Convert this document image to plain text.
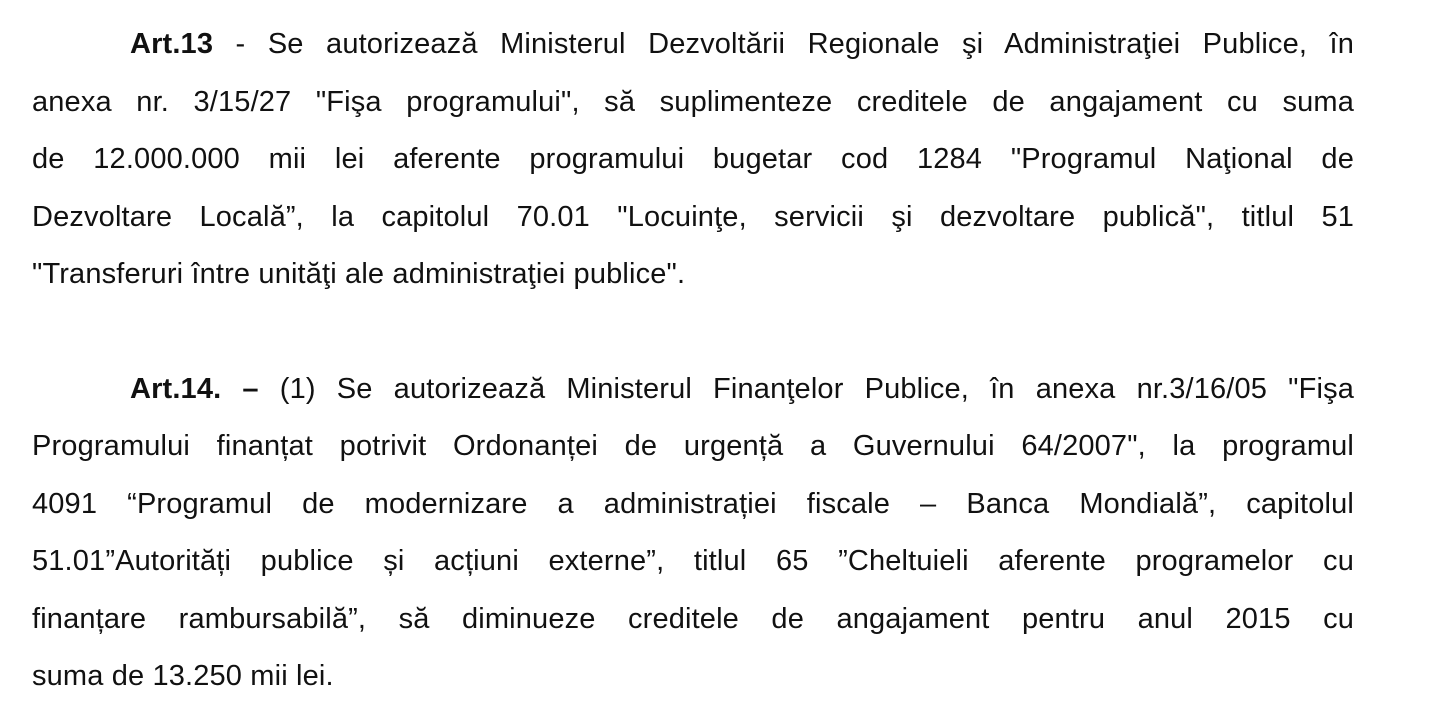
Art.13 - Se autorizează Ministerul Dezvoltării Regionale şi Administraţiei Publice, în
anexa nr. 3/15/27 "Fişa programului", să suplimenteze creditele de angajament cu suma
de 12.000.000 mii lei aferente programului bugetar cod 1284 "Programul Naţional de
Dezvoltare Locală”, la capitolul 70.01 "Locuinţe, servicii şi dezvoltare publică", titlul 51
"Transferuri între unităţi ale administraţiei publice".
Art.14. – (1) Se autorizează Ministerul Finanţelor Publice, în anexa nr.3/16/05 "Fişa
Programului finanțat potrivit Ordonanței de urgență a Guvernului 64/2007", la programul
4091 “Programul de modernizare a administrației fiscale – Banca Mondială”, capitolul
51.01”Autorități publice și acțiuni externe”, titlul 65 ”Cheltuieli aferente programelor cu
finanțare rambursabilă”, să diminueze creditele de angajament pentru anul 2015 cu
suma de 13.250 mii lei.
